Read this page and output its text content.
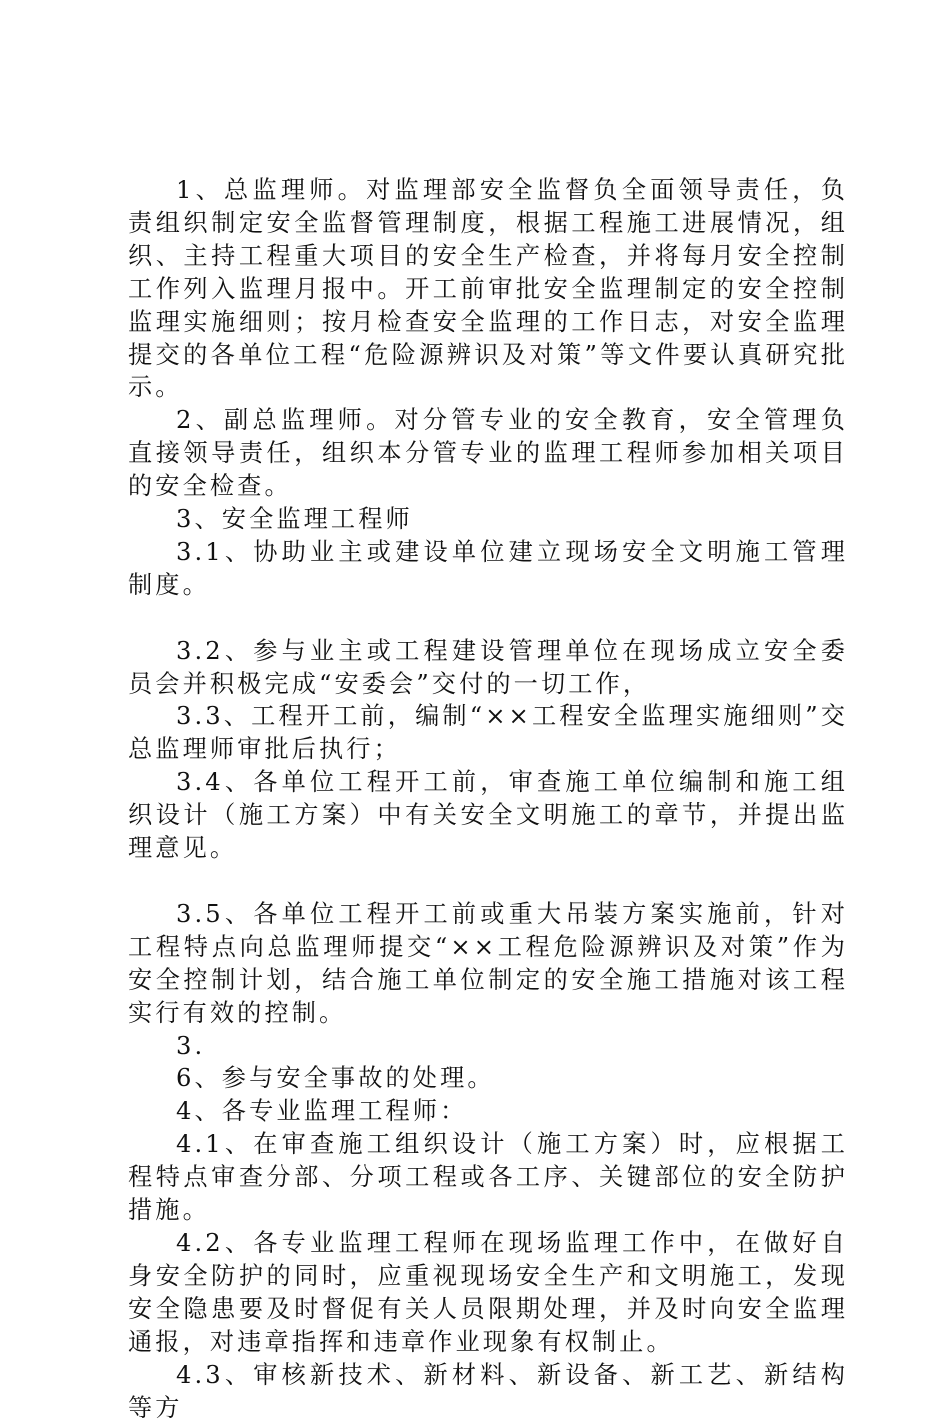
1、总监理师。对监理部安全监督负全面领导责任，负责组织制定安全监督管理制度，根据工程施工进展情况，组织、主持工程重大项目的安全生产检查，并将每月安全控制工作列入监理月报中。开工前审批安全监理制定的安全控制监理实施细则；按月检查安全监理的工作日志，对安全监理提交的各单位工程“危险源辨识及对策”等文件要认真研究批示。

2、副总监理师。对分管专业的安全教育，安全管理负直接领导责任，组织本分管专业的监理工程师参加相关项目的安全检查。

3、安全监理工程师

3.1、协助业主或建设单位建立现场安全文明施工管理制度。

3.2、参与业主或工程建设管理单位在现场成立安全委员会并积极完成“安委会”交付的一切工作，

3.3、工程开工前，编制“××工程安全监理实施细则”交总监理师审批后执行；

3.4、各单位工程开工前，审查施工单位编制和施工组织设计（施工方案）中有关安全文明施工的章节，并提出监理意见。

3.5、各单位工程开工前或重大吊装方案实施前，针对工程特点向总监理师提交“××工程危险源辨识及对策”作为安全控制计划，结合施工单位制定的安全施工措施对该工程实行有效的控制。

3.

6、参与安全事故的处理。

4、各专业监理工程师：

4.1、在审查施工组织设计（施工方案）时，应根据工程特点审查分部、分项工程或各工序、关键部位的安全防护措施。

4.2、各专业监理工程师在现场监理工作中，在做好自身安全防护的同时，应重视现场安全生产和文明施工，发现安全隐患要及时督促有关人员限期处理，并及时向安全监理通报，对违章指挥和违章作业现象有权制止。

4.3、审核新技术、新材料、新设备、新工艺、新结构等方
